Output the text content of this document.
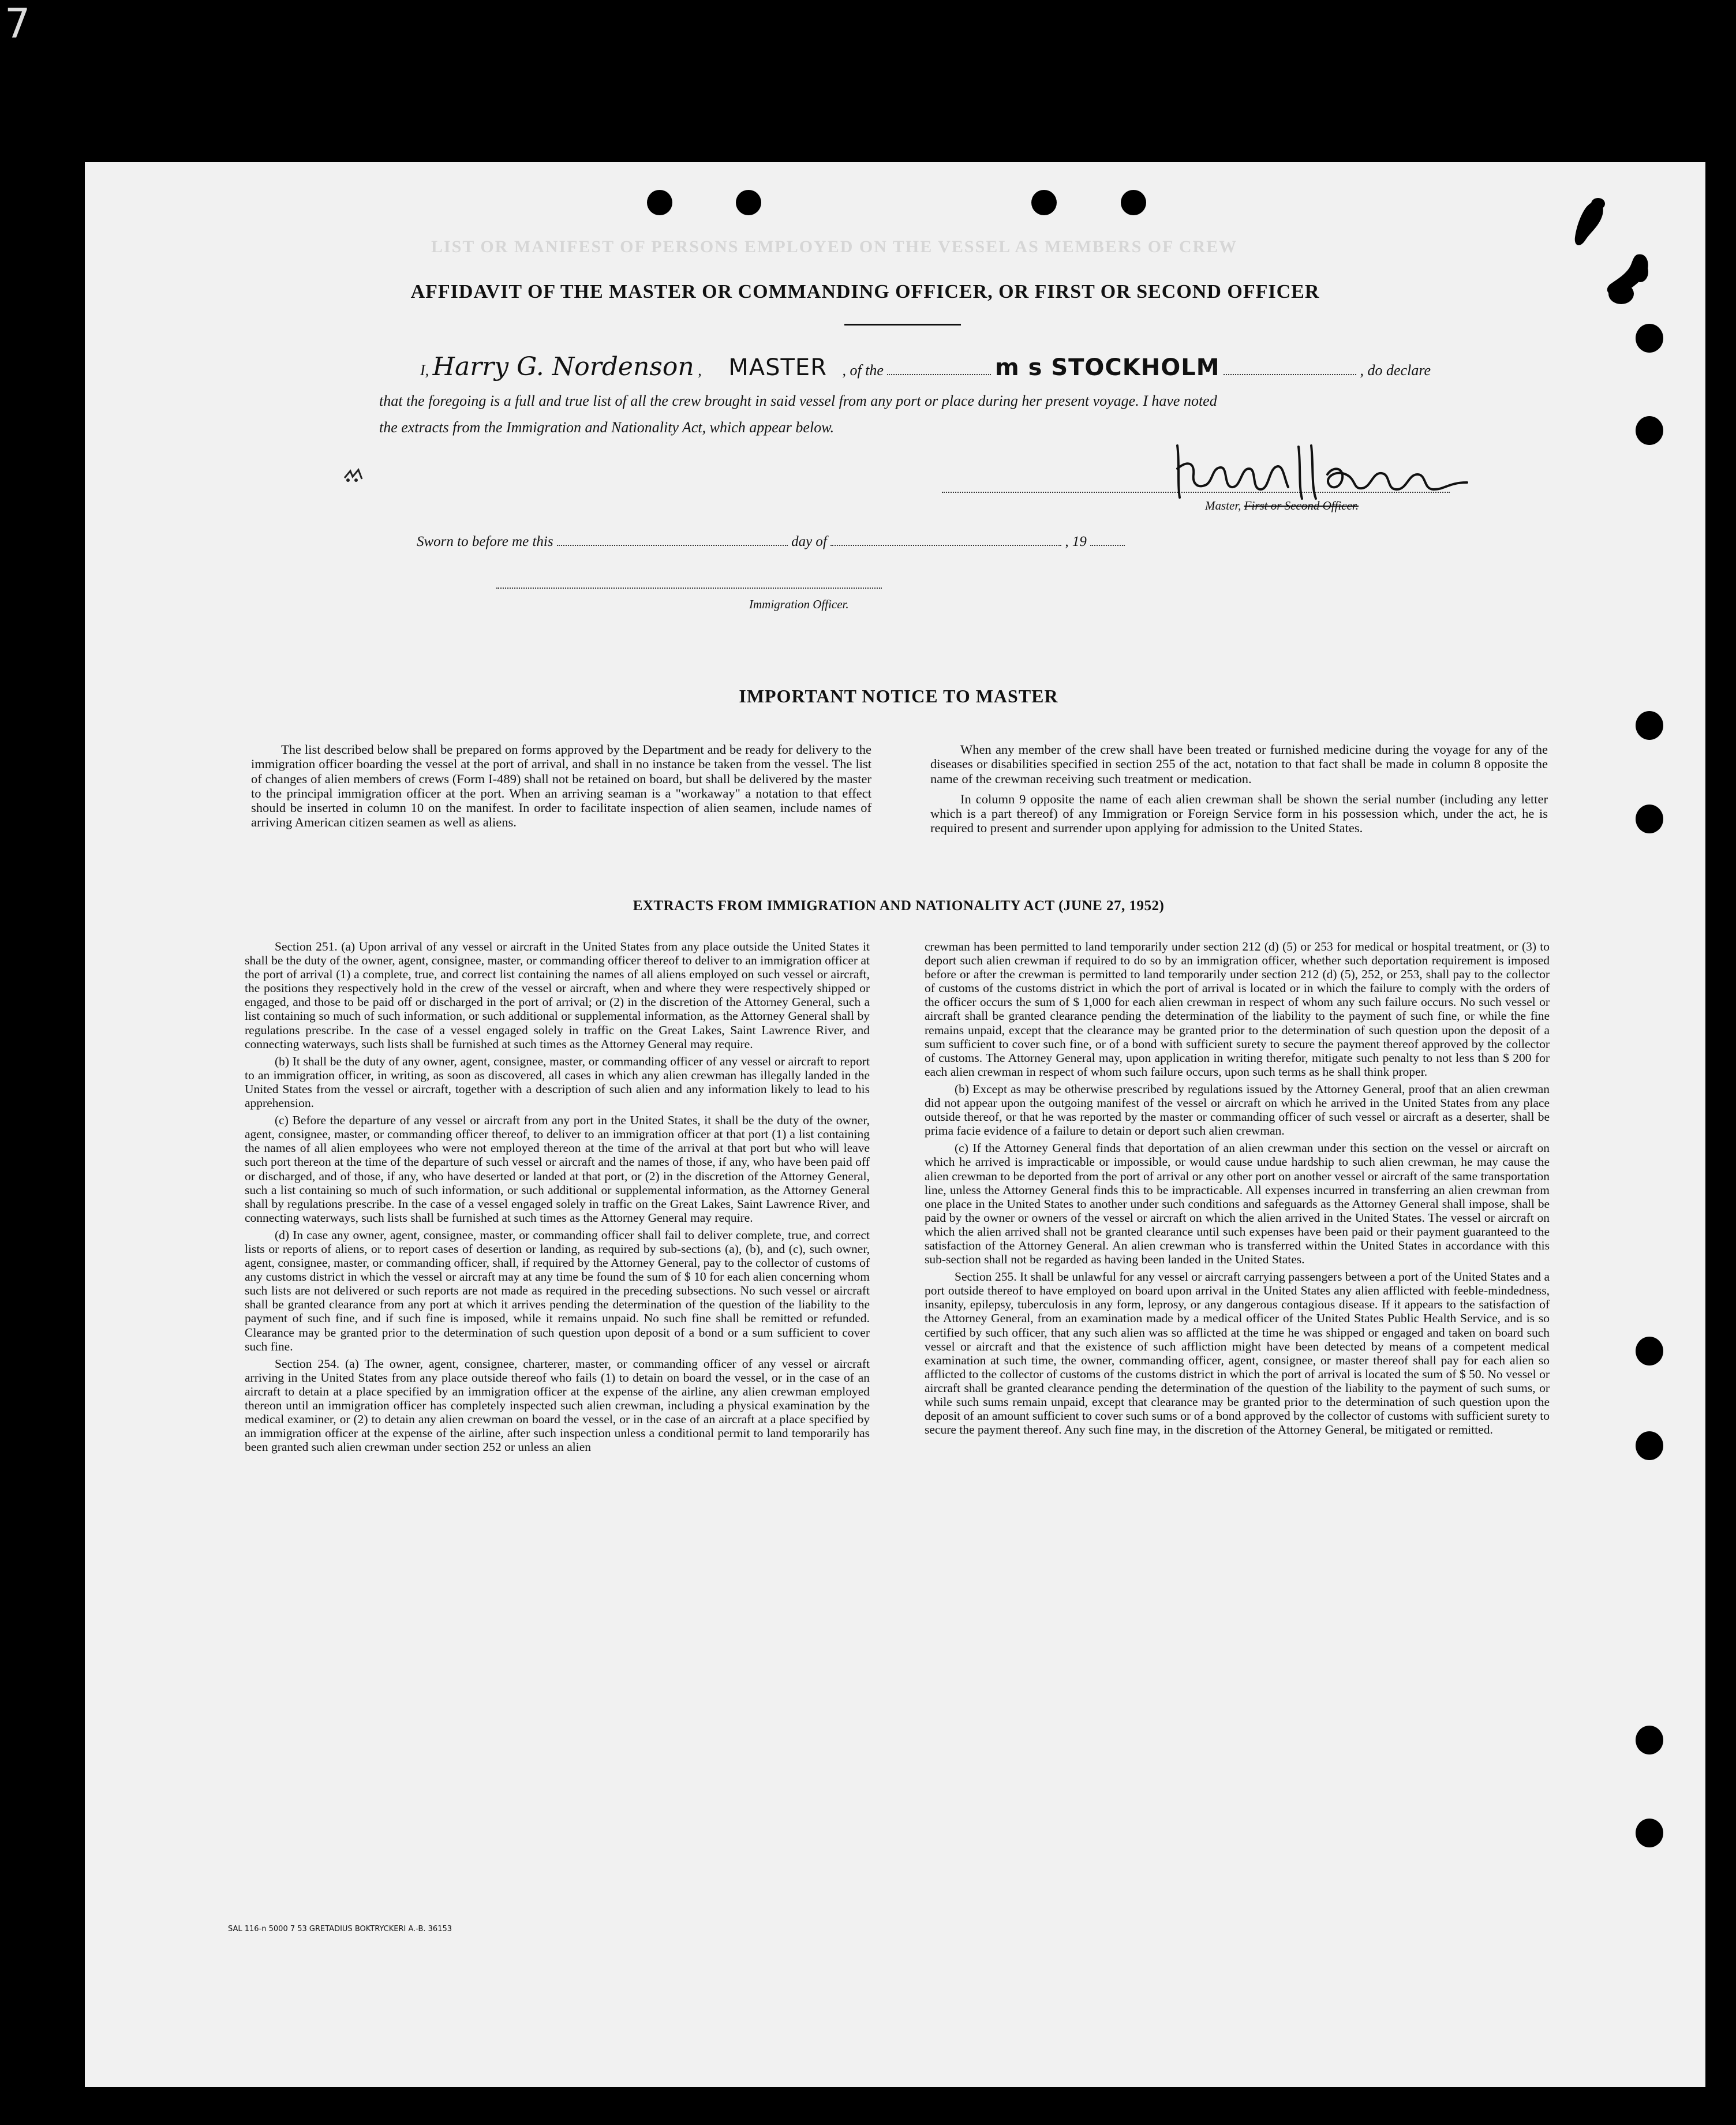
7
LIST OR MANIFEST OF PERSONS EMPLOYED ON THE VESSEL AS MEMBERS OF CREW
AFFIDAVIT OF THE MASTER OR COMMANDING OFFICER, OR FIRST OR SECOND OFFICER
I, Harry G. Nordenson , MASTER , of the	m s STOCKHOLM	, do declare
that the foregoing is a full and true list of all the crew brought in said vessel from any port or place during her present voyage. I have noted
the extracts from the Immigration and Nationality Act, which appear below.
Master, First or Second Officer.
Sworn to before me this	day of	, 19
Immigration Officer.
IMPORTANT NOTICE TO MASTER

The list described below shall be prepared on forms approved by the Department and be ready for delivery to the immigration officer boarding the vessel at the port of arrival, and shall in no instance be taken from the vessel. The list of changes of alien members of crews (Form I-489) shall not be retained on board, but shall be delivered by the master to the principal immigration officer at the port. When an arriving seaman is a "workaway" a notation to that effect should be inserted in column 10 on the manifest. In order to facilitate inspection of alien seamen, include names of arriving American citizen seamen as well as aliens.

When any member of the crew shall have been treated or furnished medicine during the voyage for any of the diseases or disabilities specified in section 255 of the act, notation to that fact shall be made in column 8 opposite the name of the crewman receiving such treatment or medication.

In column 9 opposite the name of each alien crewman shall be shown the serial number (including any letter which is a part thereof) of any Immigration or Foreign Service form in his possession which, under the act, he is required to present and surrender upon applying for admission to the United States.

EXTRACTS FROM IMMIGRATION AND NATIONALITY ACT (JUNE 27, 1952)

Section 251. (a) Upon arrival of any vessel or aircraft in the United States from any place outside the United States it shall be the duty of the owner, agent, consignee, master, or commanding officer thereof to deliver to an immigration officer at the port of arrival (1) a complete, true, and correct list containing the names of all aliens employed on such vessel or aircraft, the positions they respectively hold in the crew of the vessel or aircraft, when and where they were respectively shipped or engaged, and those to be paid off or discharged in the port of arrival; or (2) in the discretion of the Attorney General, such a list containing so much of such information, or such additional or supplemental information, as the Attorney General shall by regulations prescribe. In the case of a vessel engaged solely in traffic on the Great Lakes, Saint Lawrence River, and connecting waterways, such lists shall be furnished at such times as the Attorney General may require.

(b) It shall be the duty of any owner, agent, consignee, master, or commanding officer of any vessel or aircraft to report to an immigration officer, in writing, as soon as discovered, all cases in which any alien crewman has illegally landed in the United States from the vessel or aircraft, together with a description of such alien and any information likely to lead to his apprehension.

(c) Before the departure of any vessel or aircraft from any port in the United States, it shall be the duty of the owner, agent, consignee, master, or commanding officer thereof, to deliver to an immigration officer at that port (1) a list containing the names of all alien employees who were not employed thereon at the time of the arrival at that port but who will leave such port thereon at the time of the departure of such vessel or aircraft and the names of those, if any, who have been paid off or discharged, and of those, if any, who have deserted or landed at that port, or (2) in the discretion of the Attorney General, such a list containing so much of such information, or such additional or supplemental information, as the Attorney General shall by regulations prescribe. In the case of a vessel engaged solely in traffic on the Great Lakes, Saint Lawrence River, and connecting waterways, such lists shall be furnished at such times as the Attorney General may require.

(d) In case any owner, agent, consignee, master, or commanding officer shall fail to deliver complete, true, and correct lists or reports of aliens, or to report cases of desertion or landing, as required by sub-sections (a), (b), and (c), such owner, agent, consignee, master, or commanding officer, shall, if required by the Attorney General, pay to the collector of customs of any customs district in which the vessel or aircraft may at any time be found the sum of $ 10 for each alien concerning whom such lists are not delivered or such reports are not made as required in the preceding subsections. No such vessel or aircraft shall be granted clearance from any port at which it arrives pending the determination of the question of the liability to the payment of such fine, and if such fine is imposed, while it remains unpaid. No such fine shall be remitted or refunded. Clearance may be granted prior to the determination of such question upon deposit of a bond or a sum sufficient to cover such fine.

Section 254. (a) The owner, agent, consignee, charterer, master, or commanding officer of any vessel or aircraft arriving in the United States from any place outside thereof who fails (1) to detain on board the vessel, or in the case of an aircraft to detain at a place specified by an immigration officer at the expense of the airline, any alien crewman employed thereon until an immigration officer has completely inspected such alien crewman, including a physical examination by the medical examiner, or (2) to detain any alien crewman on board the vessel, or in the case of an aircraft at a place specified by an immigration officer at the expense of the airline, after such inspection unless a conditional permit to land temporarily has been granted such alien crewman under section 252 or unless an alien

crewman has been permitted to land temporarily under section 212 (d) (5) or 253 for medical or hospital treatment, or (3) to deport such alien crewman if required to do so by an immigration officer, whether such deportation requirement is imposed before or after the crewman is permitted to land temporarily under section 212 (d) (5), 252, or 253, shall pay to the collector of customs of the customs district in which the port of arrival is located or in which the failure to comply with the orders of the officer occurs the sum of $ 1,000 for each alien crewman in respect of whom any such failure occurs. No such vessel or aircraft shall be granted clearance pending the determination of the liability to the payment of such fine, or while the fine remains unpaid, except that the clearance may be granted prior to the determination of such question upon the deposit of a sum sufficient to cover such fine, or of a bond with sufficient surety to secure the payment thereof approved by the collector of customs. The Attorney General may, upon application in writing therefor, mitigate such penalty to not less than $ 200 for each alien crewman in respect of whom such failure occurs, upon such terms as he shall think proper.

(b) Except as may be otherwise prescribed by regulations issued by the Attorney General, proof that an alien crewman did not appear upon the outgoing manifest of the vessel or aircraft on which he arrived in the United States from any place outside thereof, or that he was reported by the master or commanding officer of such vessel or aircraft as a deserter, shall be prima facie evidence of a failure to detain or deport such alien crewman.

(c) If the Attorney General finds that deportation of an alien crewman under this section on the vessel or aircraft on which he arrived is impracticable or impossible, or would cause undue hardship to such alien crewman, he may cause the alien crewman to be deported from the port of arrival or any other port on another vessel or aircraft of the same transportation line, unless the Attorney General finds this to be impracticable. All expenses incurred in transferring an alien crewman from one place in the United States to another under such conditions and safeguards as the Attorney General shall impose, shall be paid by the owner or owners of the vessel or aircraft on which the alien arrived in the United States. The vessel or aircraft on which the alien arrived shall not be granted clearance until such expenses have been paid or their payment guaranteed to the satisfaction of the Attorney General. An alien crewman who is transferred within the United States in accordance with this sub-section shall not be regarded as having been landed in the United States.

Section 255. It shall be unlawful for any vessel or aircraft carrying passengers between a port of the United States and a port outside thereof to have employed on board upon arrival in the United States any alien afflicted with feeble-mindedness, insanity, epilepsy, tuberculosis in any form, leprosy, or any dangerous contagious disease. If it appears to the satisfaction of the Attorney General, from an examination made by a medical officer of the United States Public Health Service, and is so certified by such officer, that any such alien was so afflicted at the time he was shipped or engaged and taken on board such vessel or aircraft and that the existence of such affliction might have been detected by means of a competent medical examination at such time, the owner, commanding officer, agent, consignee, or master thereof shall pay for each alien so afflicted to the collector of customs of the customs district in which the port of arrival is located the sum of $ 50. No vessel or aircraft shall be granted clearance pending the determination of the question of the liability to the payment of such sums, or while such sums remain unpaid, except that clearance may be granted prior to the determination of such question upon the deposit of an amount sufficient to cover such sums or of a bond approved by the collector of customs with sufficient surety to secure the payment thereof. Any such fine may, in the discretion of the Attorney General, be mitigated or remitted.

SAL 116-n 5000 7 53 GRETADIUS BOKTRYCKERI A.-B. 36153
